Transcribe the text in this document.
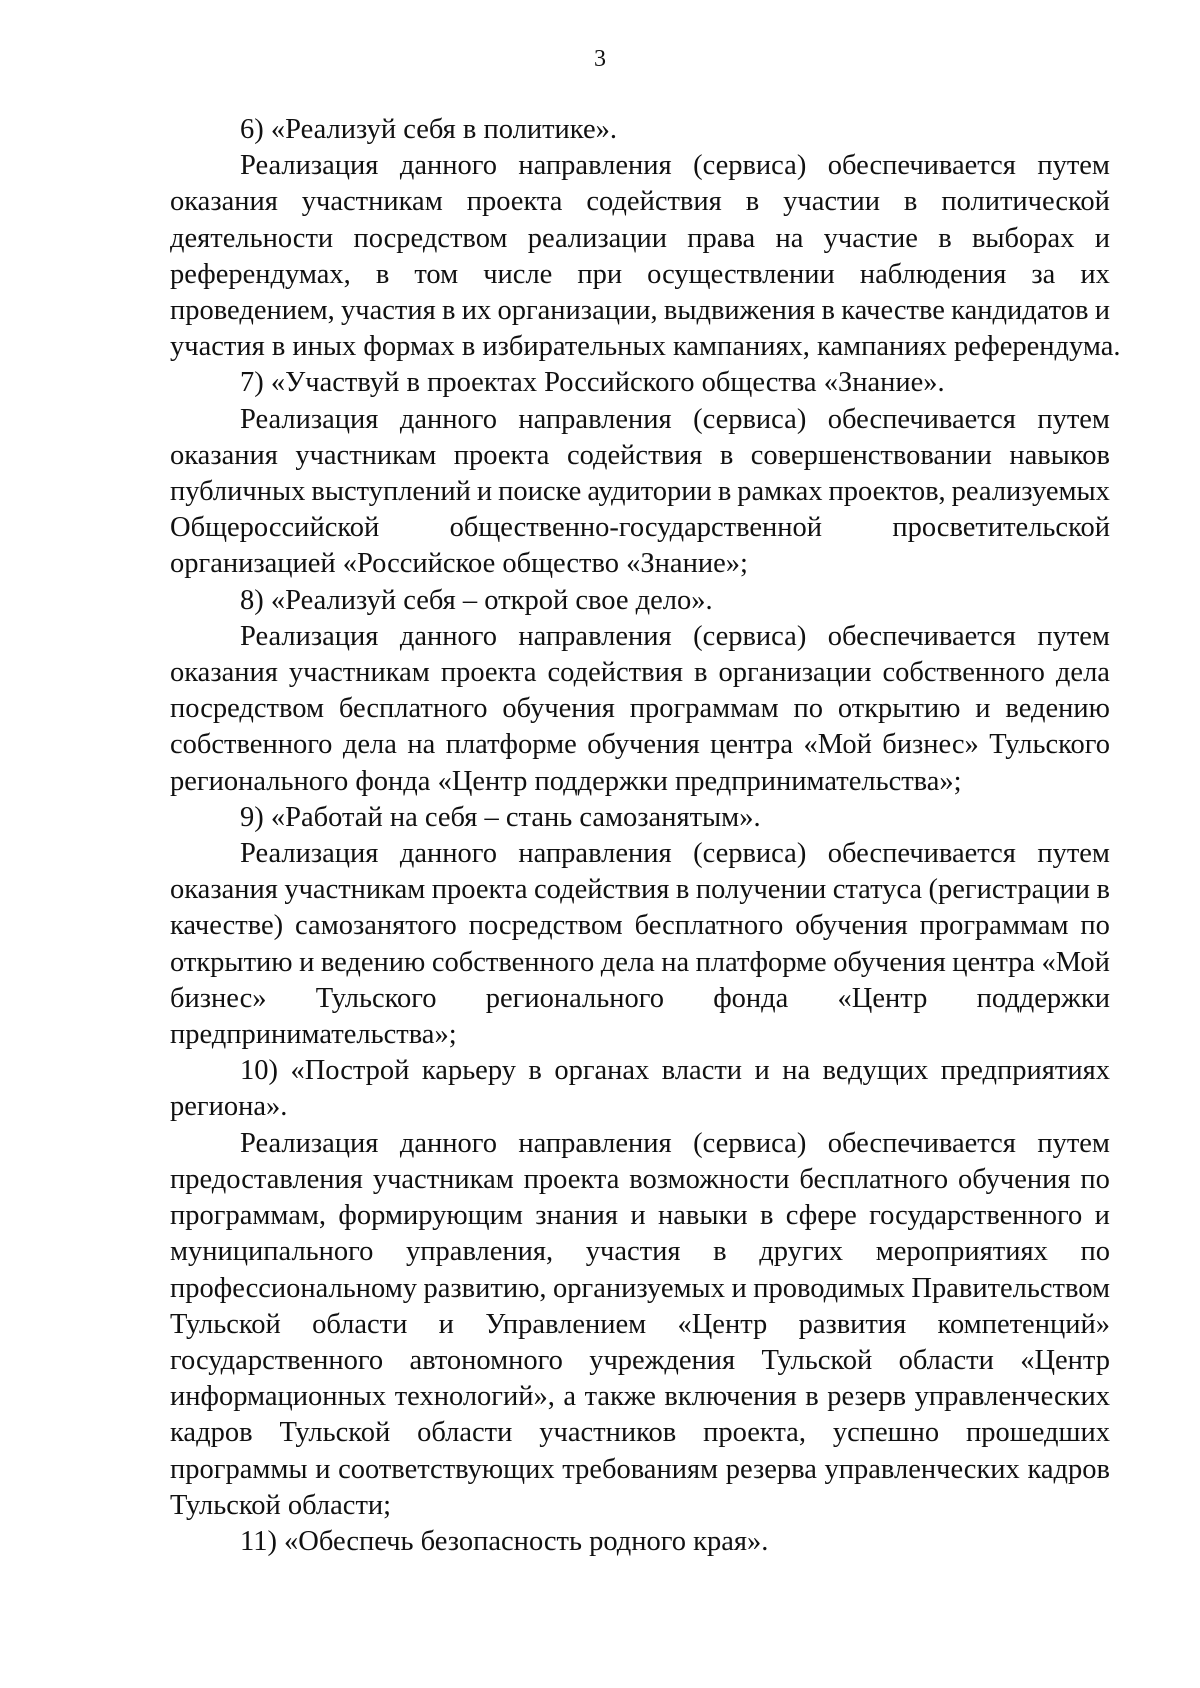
3
6) «Реализуй себя в политике».
Реализация данного направления (сервиса) обеспечивается путем
оказания участникам проекта содействия в участии в политической
деятельности посредством реализации права на участие в выборах и
референдумах, в том числе при осуществлении наблюдения за их
проведением, участия в их организации, выдвижения в качестве кандидатов и
участия в иных формах в избирательных кампаниях, кампаниях референдума.
7) «Участвуй в проектах Российского общества «Знание».
Реализация данного направления (сервиса) обеспечивается путем
оказания участникам проекта содействия в совершенствовании навыков
публичных выступлений и поиске аудитории в рамках проектов, реализуемых
Общероссийской общественно-государственной просветительской
организацией «Российское общество «Знание»;
8) «Реализуй себя – открой свое дело».
Реализация данного направления (сервиса) обеспечивается путем
оказания участникам проекта содействия в организации собственного дела
посредством бесплатного обучения программам по открытию и ведению
собственного дела на платформе обучения центра «Мой бизнес» Тульского
регионального фонда «Центр поддержки предпринимательства»;
9) «Работай на себя – стань самозанятым».
Реализация данного направления (сервиса) обеспечивается путем
оказания участникам проекта содействия в получении статуса (регистрации в
качестве) самозанятого посредством бесплатного обучения программам по
открытию и ведению собственного дела на платформе обучения центра «Мой
бизнес» Тульского регионального фонда «Центр поддержки
предпринимательства»;
10) «Построй карьеру в органах власти и на ведущих предприятиях
региона».
Реализация данного направления (сервиса) обеспечивается путем
предоставления участникам проекта возможности бесплатного обучения по
программам, формирующим знания и навыки в сфере государственного и
муниципального управления, участия в других мероприятиях по
профессиональному развитию, организуемых и проводимых Правительством
Тульской области и Управлением «Центр развития компетенций»
государственного автономного учреждения Тульской области «Центр
информационных технологий», а также включения в резерв управленческих
кадров Тульской области участников проекта, успешно прошедших
программы и соответствующих требованиям резерва управленческих кадров
Тульской области;
11) «Обеспечь безопасность родного края».
